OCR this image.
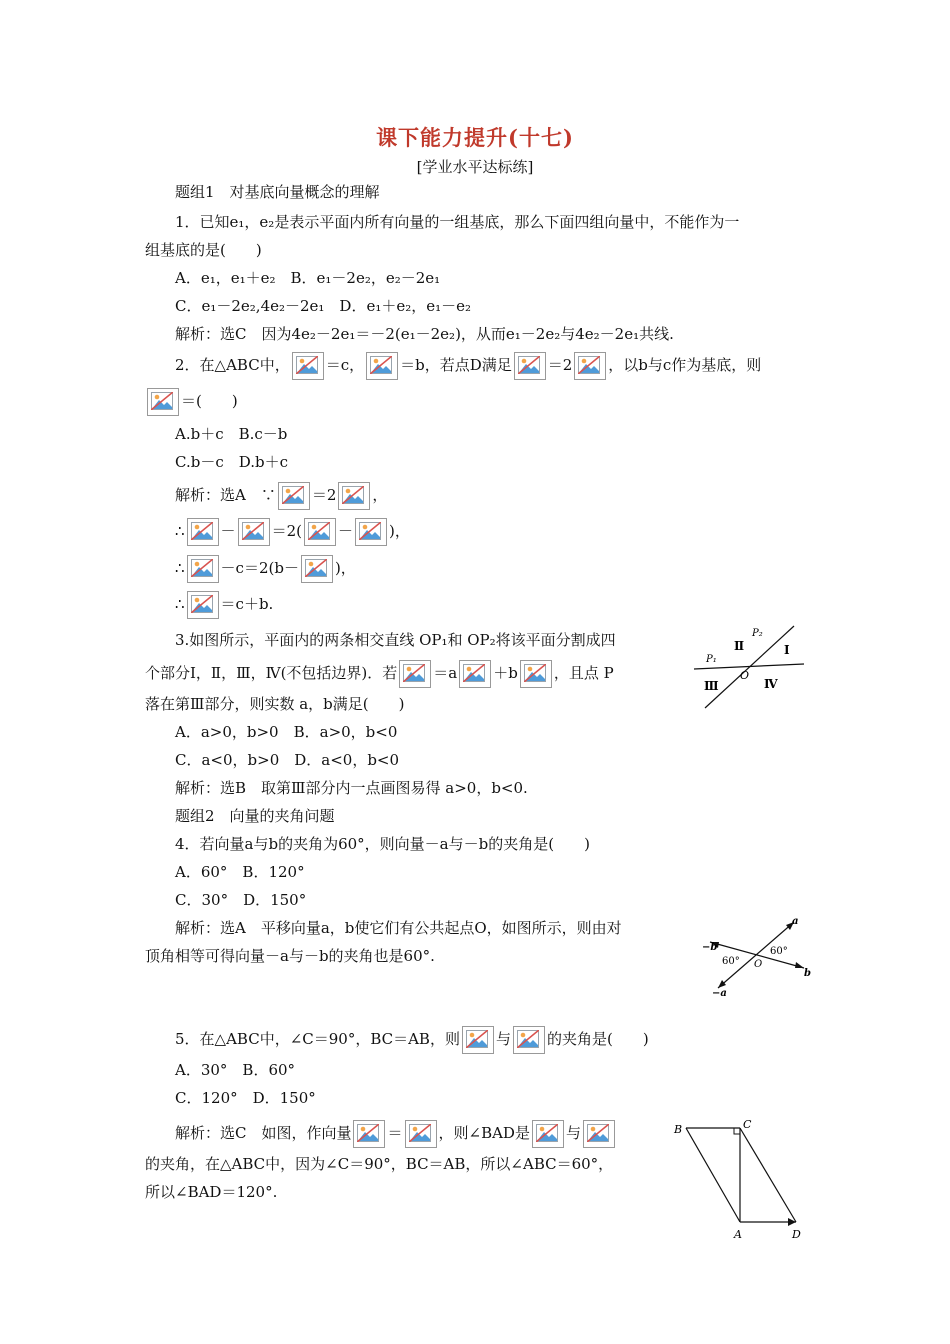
课下能力提升(十七)
[学业水平达标练]
题组1　对基底向量概念的理解
1．已知e₁，e₂是表示平面内所有向量的一组基底，那么下面四组向量中，不能作为一
组基底的是(　　)
A．e₁，e₁＋e₂　B．e₁－2e₂，e₂－2e₁
C．e₁－2e₂,4e₂－2e₁　D．e₁＋e₂，e₁－e₂
解析：选C　因为4e₂－2e₁＝－2(e₁－2e₂)，从而e₁－2e₂与4e₂－2e₁共线.
2．在△ABC中， ＝c， ＝b，若点D满足 ＝2 ，以b与c作为基底，则
＝(　　)
A.b＋c　B.c－b
C.b－c　D.b＋c
解析：选A　∵ ＝2 ，
∴ － ＝2( － )，
∴ －c＝2(b－ )，
∴ ＝c＋b.
3.如图所示，平面内的两条相交直线 OP₁和 OP₂将该平面分割成四
个部分Ⅰ，Ⅱ，Ⅲ，Ⅳ(不包括边界)．若 ＝a ＋b ，且点 P
落在第Ⅲ部分，则实数 a，b满足(　　)
A．a>0，b>0　B．a>0，b<0
C．a<0，b>0　D．a<0，b<0
解析：选B　取第Ⅲ部分内一点画图易得 a>0，b<0.
P₂
P₁
Ⅱ	Ⅰ
Ⅲ	Ⅳ
O
题组2　向量的夹角问题
4．若向量a与b的夹角为60°，则向量－a与－b的夹角是(　　)
A．60°　B．120°
C．30°　D．150°
解析：选A　平移向量a，b使它们有公共起点O，如图所示，则由对
顶角相等可得向量－a与－b的夹角也是60°.
a
b
−b
−a
O
60°
60°
5．在△ABC中，∠C＝90°，BC＝AB，则 与 的夹角是(　　)
A．30°　B．60°
C．120°　D．150°
解析：选C　如图，作向量 ＝ ，则∠BAD是 与
的夹角，在△ABC中，因为∠C＝90°，BC＝AB，所以∠ABC＝60°，
所以∠BAD＝120°.
B	C
A	D
